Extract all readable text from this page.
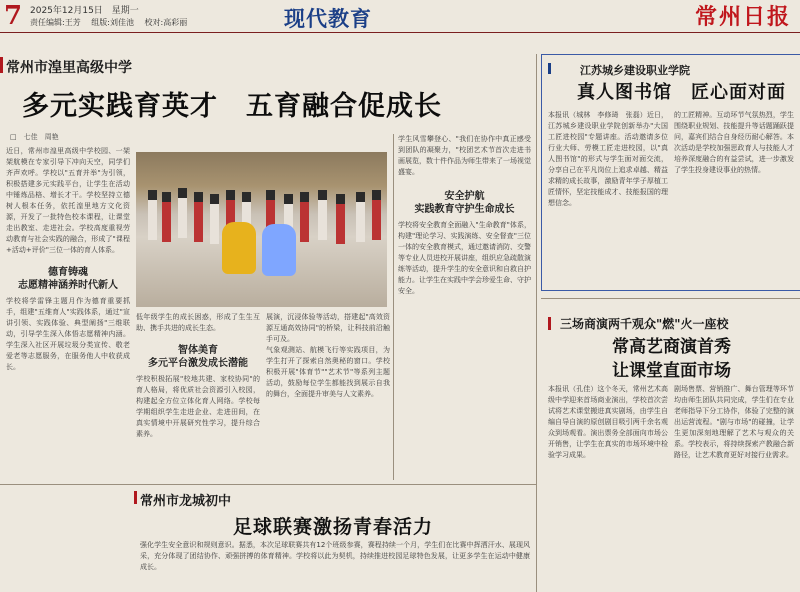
7 2025年12月15日　星期一
责任编辑:王芳 组版:刘佳池 校对:高彩丽	现代教育	常州日报
常州市湟里高级中学
多元实践育英才　五育融合促成长
□　七佳　周艳
近日，常州市湟里高级中学校园、一架架航模在专家引导下冲向天空，同学们齐声欢呼。学校以"五育并举"为引领，积极搭建多元实践平台，让学生在活动中锤炼品格、增长才干。学校坚持立德树人根本任务，依托湟里地方文化资源，开发了一批特色校本课程，让课堂走出教室、走进社会。学校高度重视劳动教育与社会实践的融合，形成了"课程+活动+评价"三位一体的育人体系。
德育铸魂
志愿精神涵养时代新人
学校将学雷锋主题月作为德育重要抓手，组建"五维育人"实践体系，通过"宣讲引领、实践体验、典型阐扬"三维联动，引导学生深入体悟志愿精神内涵。学生深入社区开展垃圾分类宣传、敬老爱老等志愿服务，在服务他人中收获成长。
低年级学生的成长困惑，形成了生生互助、携手共进的成长生态。
智体美育
多元平台激发成长潜能
学校积极拓展"校地共建、家校协同"的育人格局，将优质社会资源引入校园，构建起全方位立体化育人网络。学校每学期组织学生走进企业、走进田间，在真实情境中开展研究性学习，提升综合素养。
展演，沉浸体验等活动，搭建起"高效资源互通高效协同"的桥梁，让科技前沿触手可及。
气象观测站、航模飞行等实践项目，为学生打开了探索自然奥秘的窗口。学校积极开展"体育节""艺术节"等系列主题活动，鼓励每位学生都能找到展示自我的舞台，全面提升审美与人文素养。
学生风雪攀登心、"我们在协作中真正感受到团队的凝聚力，"校团艺术节首次走进书画展览，数十件作品为师生带来了一场视觉盛宴。
安全护航
实践教育守护生命成长
学校将安全教育全面融入"生命教育"体系，构建"理论学习、实践演练、安全督查"三位一体的安全教育模式，通过邀请消防、交警等专业人员进校开展讲座，组织应急疏散演练等活动，提升学生的安全意识和自救自护能力。让学生在实践中学会珍爱生命、守护安全。
江苏城乡建设职业学院
真人图书馆　匠心面对面
本报讯（城林　李修琦　张磊）近日，江苏城乡建设职业学院创新举办"大国工匠进校园"专题讲座。活动邀请多位行业大师、劳模工匠走进校园，以"真人图书馆"的形式与学生面对面交流，分享自己在平凡岗位上追求卓越、精益求精的成长故事，激励青年学子厚植工匠情怀，坚定技能成才、技能报国的理想信念。
的工匠精神。互动环节气氛热烈，学生围绕职业规划、技能提升等话题踊跃提问，嘉宾们结合自身经历耐心解答。本次活动是学校加强思政育人与技能人才培养深度融合的有益尝试，进一步激发了学生投身建设事业的热情。
三场商演两千观众"燃"火一座校
常高艺商演首秀
让课堂直面市场
本报讯（孔佳）这个冬天，常州艺术高级中学迎来首场商业演出，学校首次尝试将艺术课堂搬进真实剧场，由学生自编自导自演的原创剧目吸引两千余名观众到场观看。演出票务全部面向市场公开销售，让学生在真实的市场环境中检验学习成果。
剧场售票、营销推广、舞台管理等环节均由师生团队共同完成，学生们在专业老师指导下分工协作，体验了完整的演出运营流程。"剧与市场"的碰撞，让学生更加深刻地理解了艺术与观众的关系。学校表示，将持续探索产教融合新路径，让艺术教育更好对接行业需求。
常州市龙城初中
足球联赛激扬青春活力
强化学生安全意识和规则意识。据悉，本次足球联赛共有12个班级参赛，赛程持续一个月，学生们在比赛中挥洒汗水、展现风采，充分体现了团结协作、顽强拼搏的体育精神。学校将以此为契机，持续推进校园足球特色发展，让更多学生在运动中健康成长。
